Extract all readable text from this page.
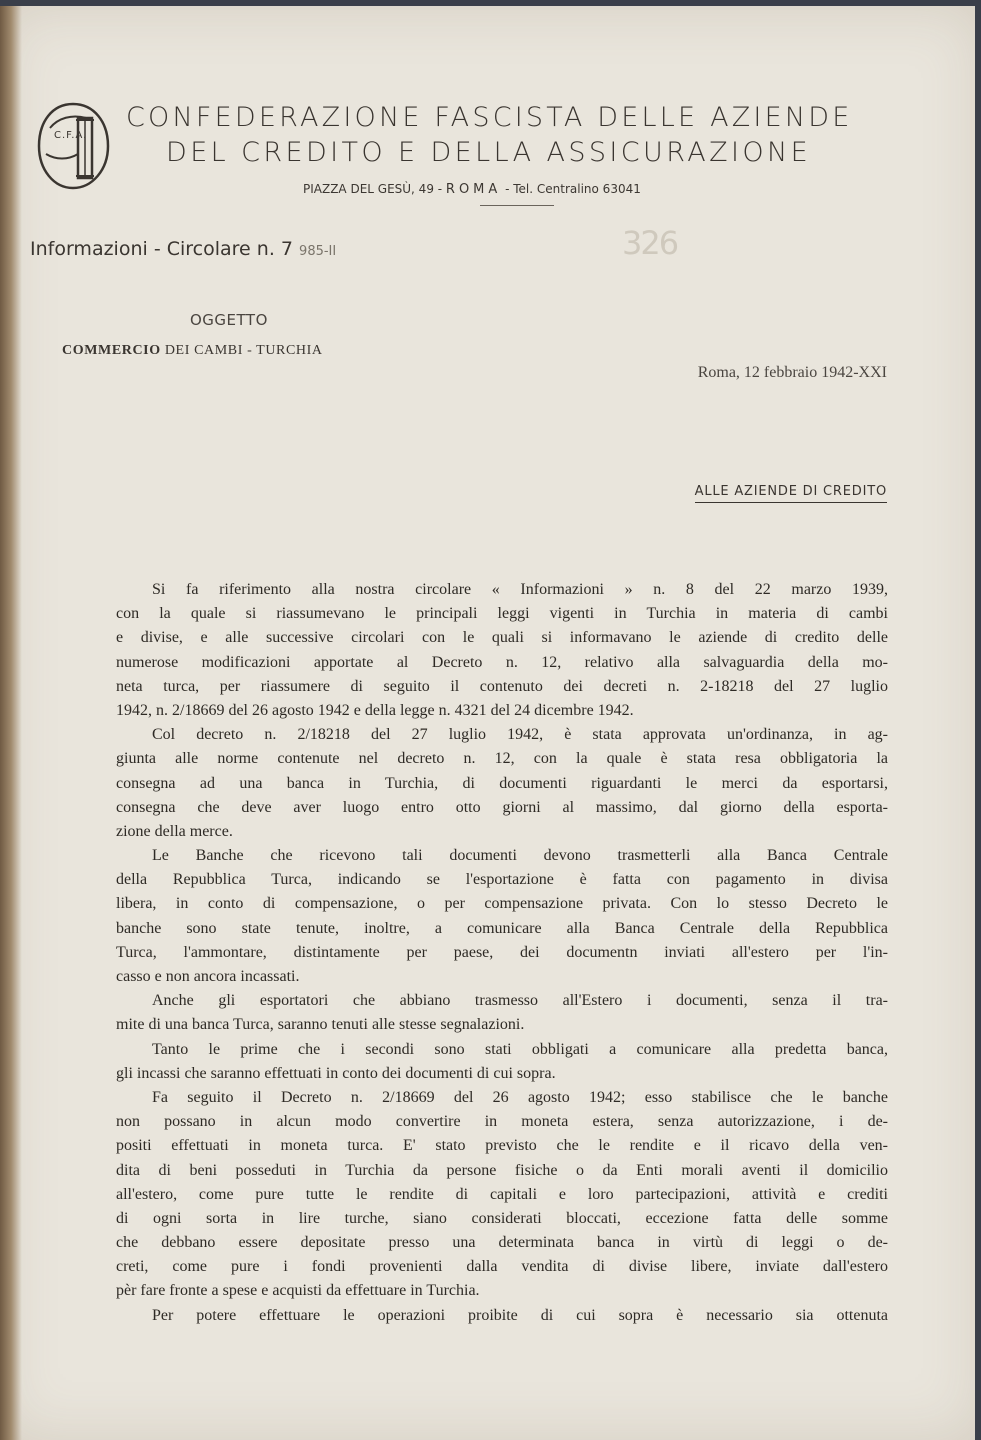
C.F.A.
CONFEDERAZIONE FASCISTA DELLE AZIENDE
DEL CREDITO E DELLA ASSICURAZIONE
PIAZZA DEL GESÙ, 49 - ROMA - Tel. Centralino 63041
Informazioni - Circolare n. 7 985-II	326
OGGETTO
COMMERCIO DEI CAMBI - TURCHIA
Roma, 12 febbraio 1942-XXI
ALLE AZIENDE DI CREDITO
Si fa riferimento alla nostra circolare « Informazioni » n. 8 del 22 marzo 1939,
con la quale si riassumevano le principali leggi vigenti in Turchia in materia di cambi
e divise, e alle successive circolari con le quali si informavano le aziende di credito delle
numerose modificazioni apportate al Decreto n. 12, relativo alla salvaguardia della mo-
neta turca, per riassumere di seguito il contenuto dei decreti n. 2-18218 del 27 luglio
1942, n. 2/18669 del 26 agosto 1942 e della legge n. 4321 del 24 dicembre 1942.
Col decreto n. 2/18218 del 27 luglio 1942, è stata approvata un'ordinanza, in ag-
giunta alle norme contenute nel decreto n. 12, con la quale è stata resa obbligatoria la
consegna ad una banca in Turchia, di documenti riguardanti le merci da esportarsi,
consegna che deve aver luogo entro otto giorni al massimo, dal giorno della esporta-
zione della merce.
Le Banche che ricevono tali documenti devono trasmetterli alla Banca Centrale
della Repubblica Turca, indicando se l'esportazione è fatta con pagamento in divisa
libera, in conto di compensazione, o per compensazione privata. Con lo stesso Decreto le
banche sono state tenute, inoltre, a comunicare alla Banca Centrale della Repubblica
Turca, l'ammontare, distintamente per paese, dei documentn inviati all'estero per l'in-
casso e non ancora incassati.
Anche gli esportatori che abbiano trasmesso all'Estero i documenti, senza il tra-
mite di una banca Turca, saranno tenuti alle stesse segnalazioni.
Tanto le prime che i secondi sono stati obbligati a comunicare alla predetta banca,
gli incassi che saranno effettuati in conto dei documenti di cui sopra.
Fa seguito il Decreto n. 2/18669 del 26 agosto 1942; esso stabilisce che le banche
non possano in alcun modo convertire in moneta estera, senza autorizzazione, i de-
positi effettuati in moneta turca. E' stato previsto che le rendite e il ricavo della ven-
dita di beni posseduti in Turchia da persone fisiche o da Enti morali aventi il domicilio
all'estero, come pure tutte le rendite di capitali e loro partecipazioni, attività e crediti
di ogni sorta in lire turche, siano considerati bloccati, eccezione fatta delle somme
che debbano essere depositate presso una determinata banca in virtù di leggi o de-
creti, come pure i fondi provenienti dalla vendita di divise libere, inviate dall'estero
pèr fare fronte a spese e acquisti da effettuare in Turchia.
Per potere effettuare le operazioni proibite di cui sopra è necessario sia ottenuta
